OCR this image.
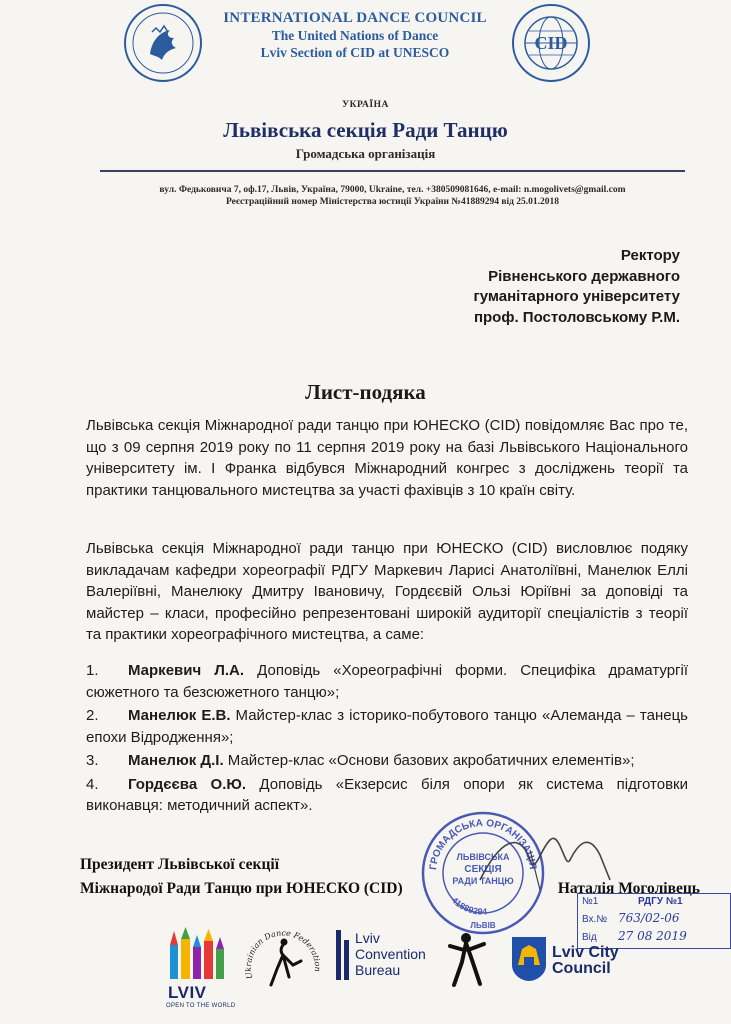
INTERNATIONAL DANCE COUNCIL
The United Nations of Dance
Lviv Section of CID at UNESCO	CID
УКРАЇНА
Львівська секція Ради Танцю
Громадська організація
вул. Федьковича 7, оф.17, Львів, Україна, 79000, Ukraine, тел. +380509081646, e-mail: n.mogolivets@gmail.com
Реєстраційний номер Міністерства юстиції України №41889294 від 25.01.2018
Ректору
Рівненського державного
гуманітарного університету
проф. Постоловському Р.М.
Лист-подяка
Львівська секція Міжнародної ради танцю при ЮНЕСКО (CID) повідомляє Вас про те, що з 09 серпня 2019 року по 11 серпня 2019 року на базі Львівського Національного університету ім. І Франка відбувся Міжнародний конгрес з досліджень теорії та практики танцювального мистецтва за участі фахівців з 10 країн світу.
Львівська секція Міжнародної ради танцю при ЮНЕСКО (CID) висловлює подяку викладачам кафедри хореографії РДГУ Маркевич Ларисі Анатоліївні, Манелюк Еллі Валеріївні, Манелюку Дмитру Івановичу, Гордєєвій Ользі Юріївні за доповіді та майстер – класи, професійно репрезентовані широкій аудиторії спеціалістів з теорії та практики хореографічного мистецтва, а саме:
1. Маркевич Л.А. Доповідь «Хореографічні форми. Специфіка драматургії сюжетного та безсюжетного танцю»;
2. Манелюк Е.В. Майстер-клас з історико-побутового танцю «Алеманда – танець епохи Відродження»;
3. Манелюк Д.І. Майстер-клас «Основи базових акробатичних елементів»;
4. Гордєєва О.Ю. Доповідь «Екзерсис біля опори як система підготовки виконавця: методичний аспект».
Президент Львівської секції
Міжнародої Ради Танцю при ЮНЕСКО (CID)	Наталія Моголівець
ГРОМАДСЬКА ОРГАНІЗАЦІЯ
41889294
ЛЬВІВСЬКА
СЕКЦІЯ
РАДИ ТАНЦЮ
ЛЬВІВ
№1	РДГУ №1
Вх.№ 763/02-06
Від 27 08 2019
LVIV
OPEN TO THE WORLD
Ukrainian Dance Federation
Lviv
Convention
Bureau
Lviv City
Council
